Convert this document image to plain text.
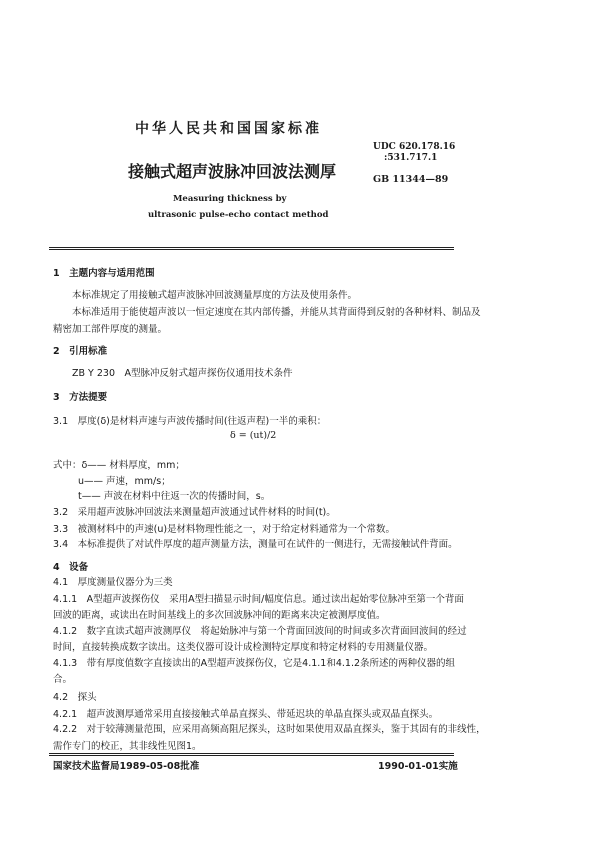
中华人民共和国国家标准
UDC 620.178.16
:531.717.1
接触式超声波脉冲回波法测厚	GB 11344—89
Measuring thickness by
ultrasonic pulse-echo contact method
1　主题内容与适用范围
本标准规定了用接触式超声波脉冲回波测量厚度的方法及使用条件。
本标准适用于能使超声波以一恒定速度在其内部传播，并能从其背面得到反射的各种材料、制品及
精密加工部件厚度的测量。
2　引用标准
ZB Y 230　A型脉冲反射式超声探伤仪通用技术条件
3　方法提要
3.1　厚度(δ)是材料声速与声波传播时间(往返声程)一半的乘积：
δ = (ut)/2
式中：δ—— 材料厚度，mm；
u—— 声速，mm/s；
t—— 声波在材料中往返一次的传播时间，s。
3.2　采用超声波脉冲回波法来测量超声波通过试件材料的时间(t)。
3.3　被测材料中的声速(u)是材料物理性能之一，对于给定材料通常为一个常数。
3.4　本标准提供了对试件厚度的超声测量方法，测量可在试件的一侧进行，无需接触试件背面。
4　设备
4.1　厚度测量仪器分为三类
4.1.1　A型超声波探伤仪　采用A型扫描显示时间/幅度信息。通过读出起始零位脉冲至第一个背面
回波的距离，或读出在时间基线上的多次回波脉冲间的距离来决定被测厚度值。
4.1.2　数字直读式超声波测厚仪　将起始脉冲与第一个背面回波间的时间或多次背面回波间的经过
时间，直接转换成数字读出。这类仪器可设计成检测特定厚度和特定材料的专用测量仪器。
4.1.3　带有厚度值数字直接读出的A型超声波探伤仪，它是4.1.1和4.1.2条所述的两种仪器的组
合。
4.2　探头
4.2.1　超声波测厚通常采用直接接触式单晶直探头、带延迟块的单晶直探头或双晶直探头。
4.2.2　对于较薄测量范围，应采用高频高阻尼探头，这时如果使用双晶直探头，鉴于其固有的非线性，
需作专门的校正，其非线性见图1。
国家技术监督局1989-05-08批准	1990-01-01实施
